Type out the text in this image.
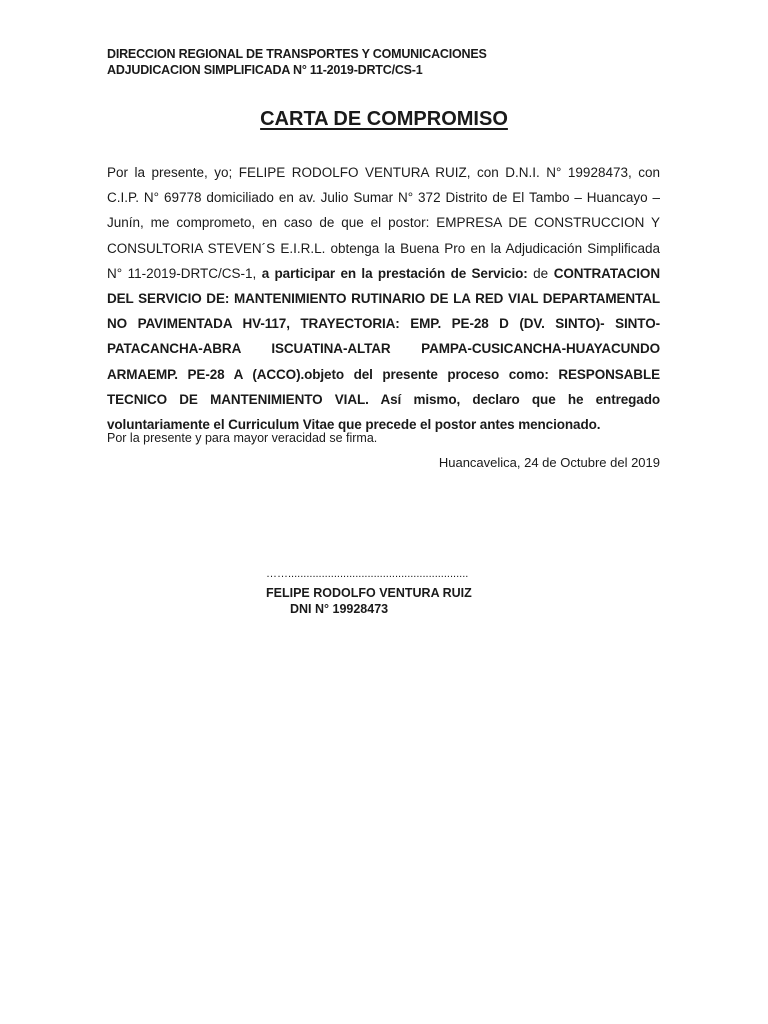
DIRECCION REGIONAL DE TRANSPORTES Y COMUNICACIONES
ADJUDICACION SIMPLIFICADA N° 11-2019-DRTC/CS-1
CARTA DE COMPROMISO
Por la presente, yo; FELIPE RODOLFO VENTURA RUIZ, con D.N.I. N° 19928473, con C.I.P. N° 69778 domiciliado en av. Julio Sumar N° 372 Distrito de El Tambo – Huancayo – Junín, me comprometo, en caso de que el postor: EMPRESA DE CONSTRUCCION Y CONSULTORIA STEVEN´S E.I.R.L. obtenga la Buena Pro en la Adjudicación Simplificada N° 11-2019-DRTC/CS-1, a participar en la prestación de Servicio: de CONTRATACION DEL SERVICIO DE: MANTENIMIENTO RUTINARIO DE LA RED VIAL DEPARTAMENTAL NO PAVIMENTADA HV-117, TRAYECTORIA: EMP. PE-28 D (DV. SINTO)- SINTO-PATACANCHA-ABRA ISCUATINA-ALTAR PAMPA-CUSICANCHA-HUAYACUNDO ARMAEMP. PE-28 A (ACCO).objeto del presente proceso como: RESPONSABLE TECNICO DE MANTENIMIENTO VIAL. Así mismo, declaro que he entregado voluntariamente el Curriculum Vitae que precede el postor antes mencionado.
Por la presente y para mayor veracidad se firma.
Huancavelica, 24 de Octubre del 2019
……...........................................................
FELIPE RODOLFO VENTURA RUIZ
DNI N° 19928473
